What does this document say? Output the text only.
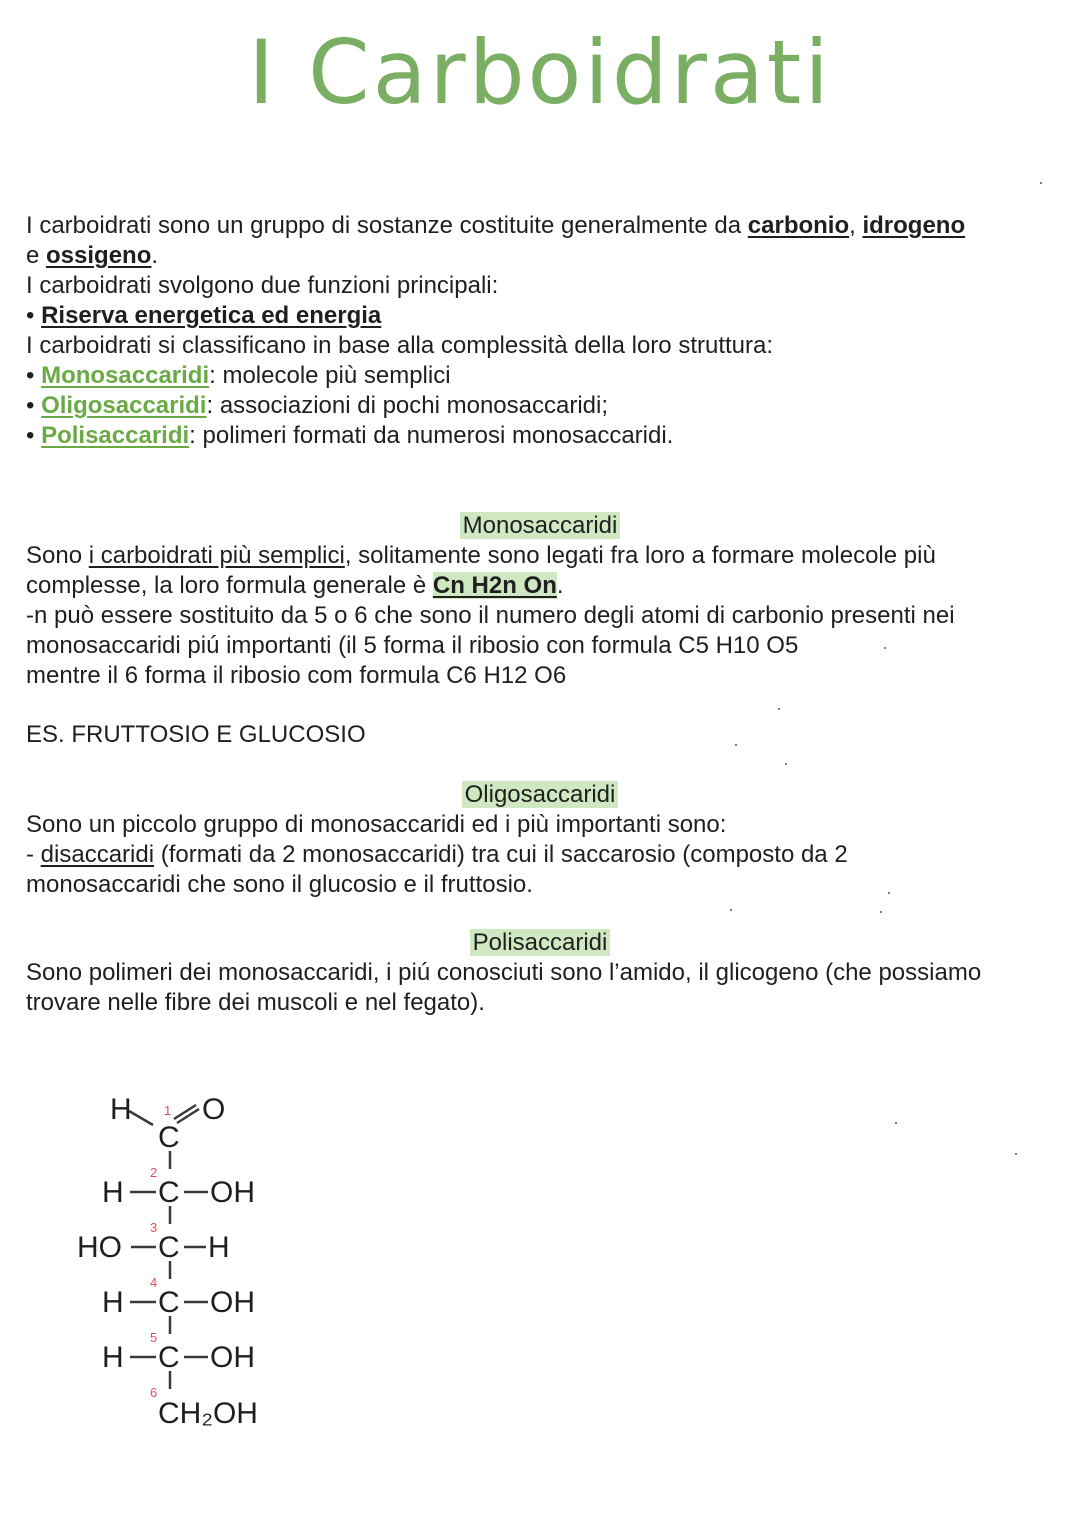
I Carboidrati
I carboidrati sono un gruppo di sostanze costituite generalmente da carbonio, idrogeno
e ossigeno.
I carboidrati svolgono due funzioni principali:
• Riserva energetica ed energia
I carboidrati si classificano in base alla complessità della loro struttura:
• Monosaccaridi: molecole più semplici
• Oligosaccaridi: associazioni di pochi monosaccaridi;
• Polisaccaridi: polimeri formati da numerosi monosaccaridi.
Monosaccaridi
Sono i carboidrati più semplici, solitamente sono legati fra loro a formare molecole più
complesse, la loro formula generale è Cn H2n On.
-n può essere sostituito da 5 o 6 che sono il numero degli atomi di carbonio presenti nei
monosaccaridi piú importanti (il 5 forma il ribosio con formula C5 H10 O5
mentre il 6 forma il ribosio com formula C6 H12 O6
ES. FRUTTOSIO E GLUCOSIO
Oligosaccaridi
Sono un piccolo gruppo di monosaccaridi ed i più importanti sono:
- disaccaridi (formati da 2 monosaccaridi) tra cui il saccarosio (composto da 2
monosaccaridi che sono il glucosio e il fruttosio.
Polisaccaridi
Sono polimeri dei monosaccaridi, i piú conosciuti sono l’amido, il glicogeno (che possiamo
trovare nelle fibre dei muscoli e nel fegato).
H
C
O
H C OH
HO C H
H C OH
H C OH
CH₂OH
1
2
3
4
5
6
